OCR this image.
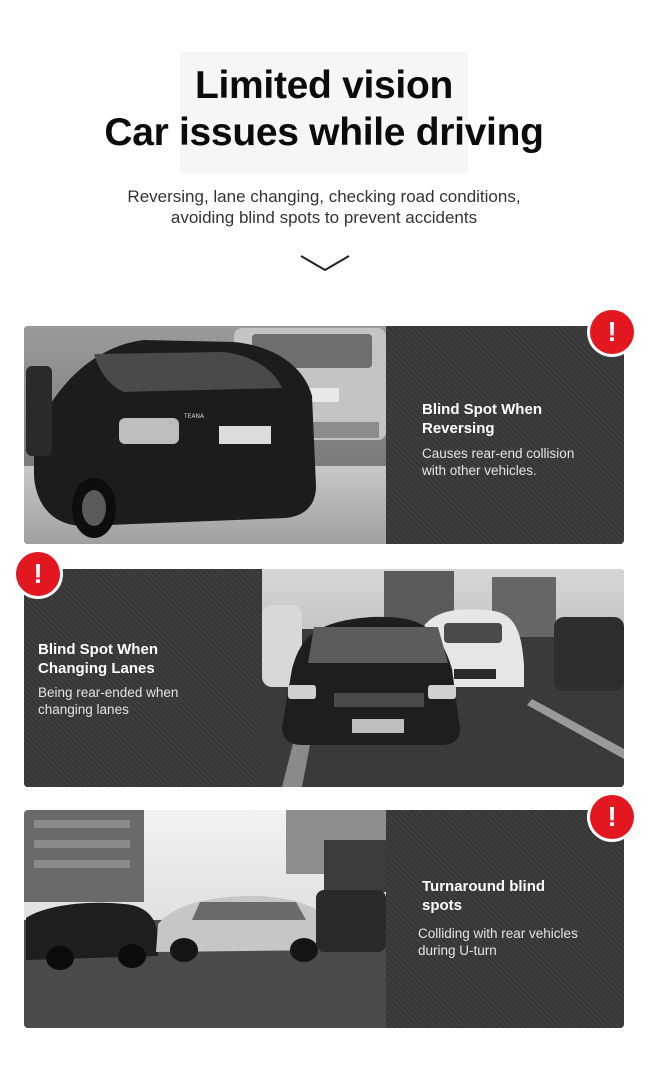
Limited vision
Car issues while driving
Reversing, lane changing, checking road conditions,
avoiding blind spots to prevent accidents
TEANA	Blind Spot When
Reversing
Causes rear-end collision
with other vehicles.
!
Blind Spot When
Changing Lanes
Being rear-ended when
changing lanes
!
Turnaround blind
spots
Colliding with rear vehicles
during U-turn
!
